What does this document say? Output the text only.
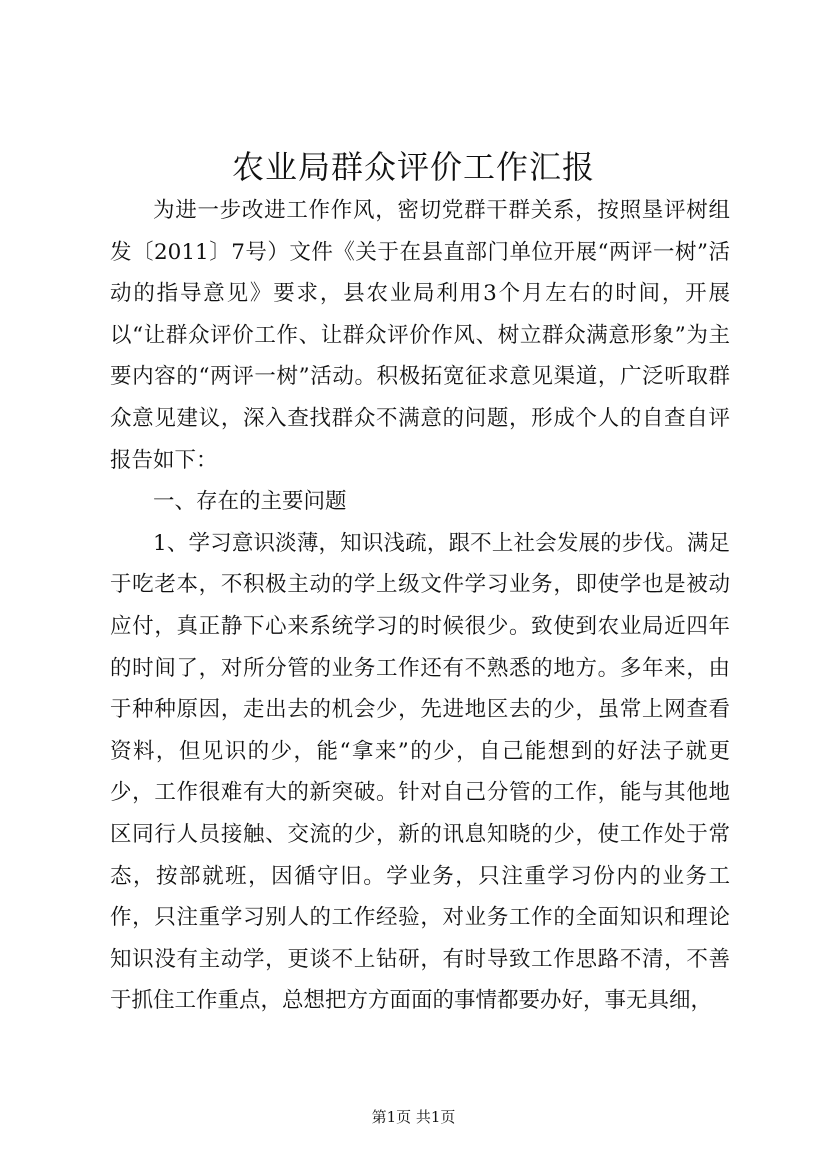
农业局群众评价工作汇报

为进一步改进工作作风，密切党群干群关系，按照垦评树组发〔2011〕7号）文件《关于在县直部门单位开展“两评一树”活动的指导意见》要求，县农业局利用3个月左右的时间，开展以“让群众评价工作、让群众评价作风、树立群众满意形象”为主要内容的“两评一树”活动。积极拓宽征求意见渠道，广泛听取群众意见建议，深入查找群众不满意的问题，形成个人的自查自评报告如下：

一、存在的主要问题

1、学习意识淡薄，知识浅疏，跟不上社会发展的步伐。满足于吃老本，不积极主动的学上级文件学习业务，即使学也是被动应付，真正静下心来系统学习的时候很少。致使到农业局近四年的时间了，对所分管的业务工作还有不熟悉的地方。多年来，由于种种原因，走出去的机会少，先进地区去的少，虽常上网查看资料，但见识的少，能“拿来”的少，自己能想到的好法子就更少，工作很难有大的新突破。针对自己分管的工作，能与其他地区同行人员接触、交流的少，新的讯息知晓的少，使工作处于常态，按部就班，因循守旧。学业务，只注重学习份内的业务工作，只注重学习别人的工作经验，对业务工作的全面知识和理论知识没有主动学，更谈不上钻研，有时导致工作思路不清，不善于抓住工作重点，总想把方方面面的事情都要办好，事无具细，

第1页 共1页
